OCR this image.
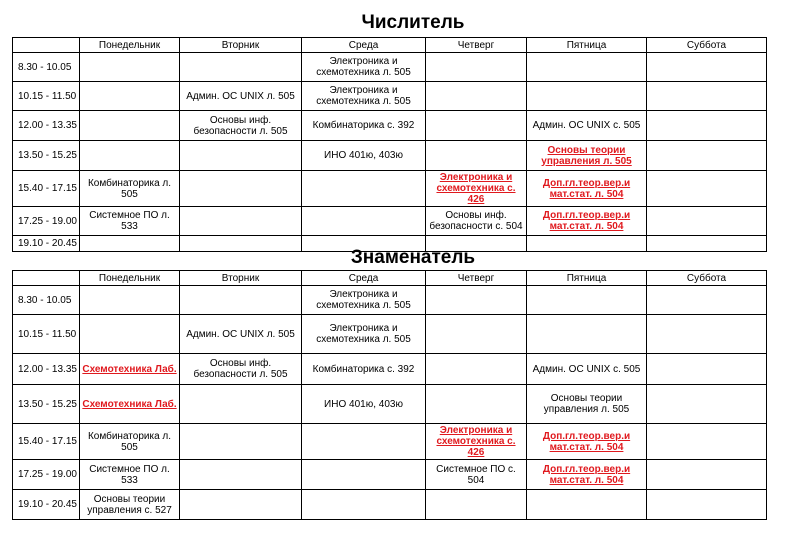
Числитель
	Понедельник	Вторник	Среда	Четверг	Пятница	Суббота
8.30 - 10.05			Электроника и схемотехника л. 505			
10.15 - 11.50		Админ. ОС UNIX л. 505	Электроника и схемотехника л. 505			
12.00 - 13.35		Основы инф. безопасности л. 505	Комбинаторика с. 392		Админ. ОС UNIX с. 505	
13.50 - 15.25			ИНО 401ю, 403ю		Основы теории управления л. 505	
15.40 - 17.15	Комбинаторика л. 505			Электроника и схемотехника с. 426	Доп.гл.теор.вер.и мат.стат. л. 504	
17.25 - 19.00	Системное ПО л. 533			Основы инф. безопасности с. 504	Доп.гл.теор.вер.и мат.стат. л. 504	
19.10 - 20.45						
Знаменатель
	Понедельник	Вторник	Среда	Четверг	Пятница	Суббота
8.30 - 10.05			Электроника и схемотехника л. 505			
10.15 - 11.50		Админ. ОС UNIX л. 505	Электроника и схемотехника л. 505			
12.00 - 13.35	Схемотехника Лаб.	Основы инф. безопасности л. 505	Комбинаторика с. 392		Админ. ОС UNIX с. 505	
13.50 - 15.25	Схемотехника Лаб.		ИНО 401ю, 403ю		Основы теории управления л. 505	
15.40 - 17.15	Комбинаторика л. 505			Электроника и схемотехника с. 426	Доп.гл.теор.вер.и мат.стат. л. 504	
17.25 - 19.00	Системное ПО л. 533			Системное ПО с. 504	Доп.гл.теор.вер.и мат.стат. л. 504	
19.10 - 20.45	Основы теории управления с. 527					
